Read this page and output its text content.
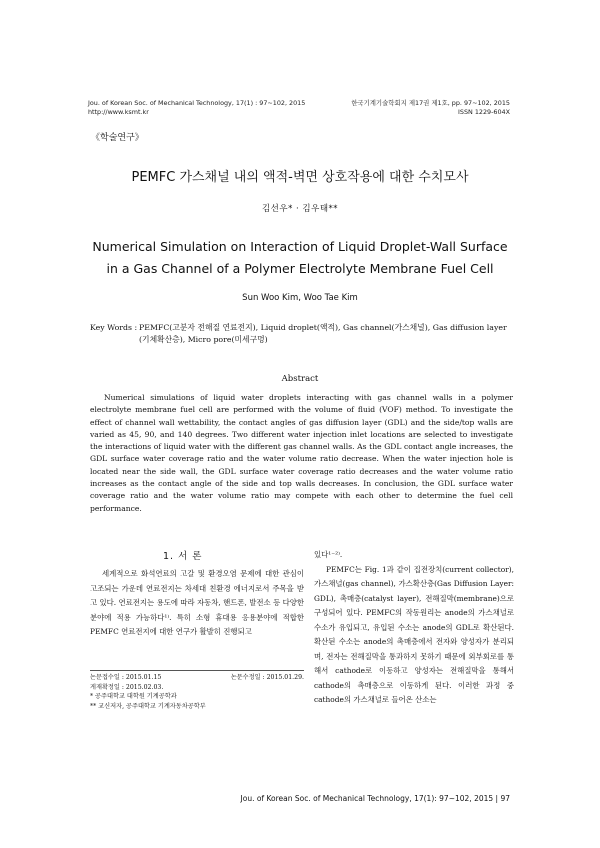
Jou. of Korean Soc. of Mechanical Technology, 17(1) : 97~102, 2015
http://www.ksmt.kr
한국기계기술학회지 제17권 제1호, pp. 97~102, 2015
ISSN 1229-604X
《학술연구》
PEMFC 가스채널 내의 액적-벽면 상호작용에 대한 수치모사
김선우* · 김우태**
Numerical Simulation on Interaction of Liquid Droplet-Wall Surface
in a Gas Channel of a Polymer Electrolyte Membrane Fuel Cell
Sun Woo Kim, Woo Tae Kim
Key Words : PEMFC(고분자 전해질 연료전지), Liquid droplet(액적), Gas channel(가스채널), Gas diffusion layer (기체확산층), Micro pore(미세구멍)
Abstract
Numerical simulations of liquid water droplets interacting with gas channel walls in a polymer electrolyte membrane fuel cell are performed with the volume of fluid (VOF) method. To investigate the effect of channel wall wettability, the contact angles of gas diffusion layer (GDL) and the side/top walls are varied as 45, 90, and 140 degrees. Two different water injection inlet locations are selected to investigate the interactions of liquid water with the different gas channel walls. As the GDL contact angle increases, the GDL surface water coverage ratio and the water volume ratio decrease. When the water injection hole is located near the side wall, the GDL surface water coverage ratio decreases and the water volume ratio increases as the contact angle of the side and top walls decreases. In conclusion, the GDL surface water coverage ratio and the water volume ratio may compete with each other to determine the fuel cell performance.
1. 서 론
세계적으로 화석연료의 고갈 및 환경오염 문제에 대한 관심이 고조되는 가운데 연료전지는 차세대 친환경 에너지로서 주목을 받고 있다. 연료전지는 용도에 따라 자동차, 핸드폰, 발전소 등 다양한 분야에 적용 가능하다¹⁾. 특히 소형 휴대용 응용분야에 적합한 PEMFC 연료전지에 대한 연구가 활발히 진행되고
있다¹⁻²⁾.
PEMFC는 Fig. 1과 같이 집전장치(current collector), 가스채널(gas channel), 가스확산층(Gas Diffusion Layer: GDL), 촉매층(catalyst layer), 전해질막(membrane)으로 구성되어 있다. PEMFC의 작동원리는 anode의 가스채널로 수소가 유입되고, 유입된 수소는 anode의 GDL로 확산된다. 확산된 수소는 anode의 촉매층에서 전자와 양성자가 분리되며, 전자는 전해질막을 통과하지 못하기 때문에 외부회로를 통해서 cathode로 이동하고 양성자는 전해질막을 통해서 cathode의 촉매층으로 이동하게 된다. 이러한 과정 중 cathode의 가스채널로 들어온 산소는
논문접수일 : 2015.01.15	논문수정일 : 2015.01.29.
게재확정일 : 2015.02.03.
* 공주대학교 대학원 기계공학과
** 교신저자, 공주대학교 기계자동차공학부
Jou. of Korean Soc. of Mechanical Technology, 17(1): 97~102, 2015 | 97
